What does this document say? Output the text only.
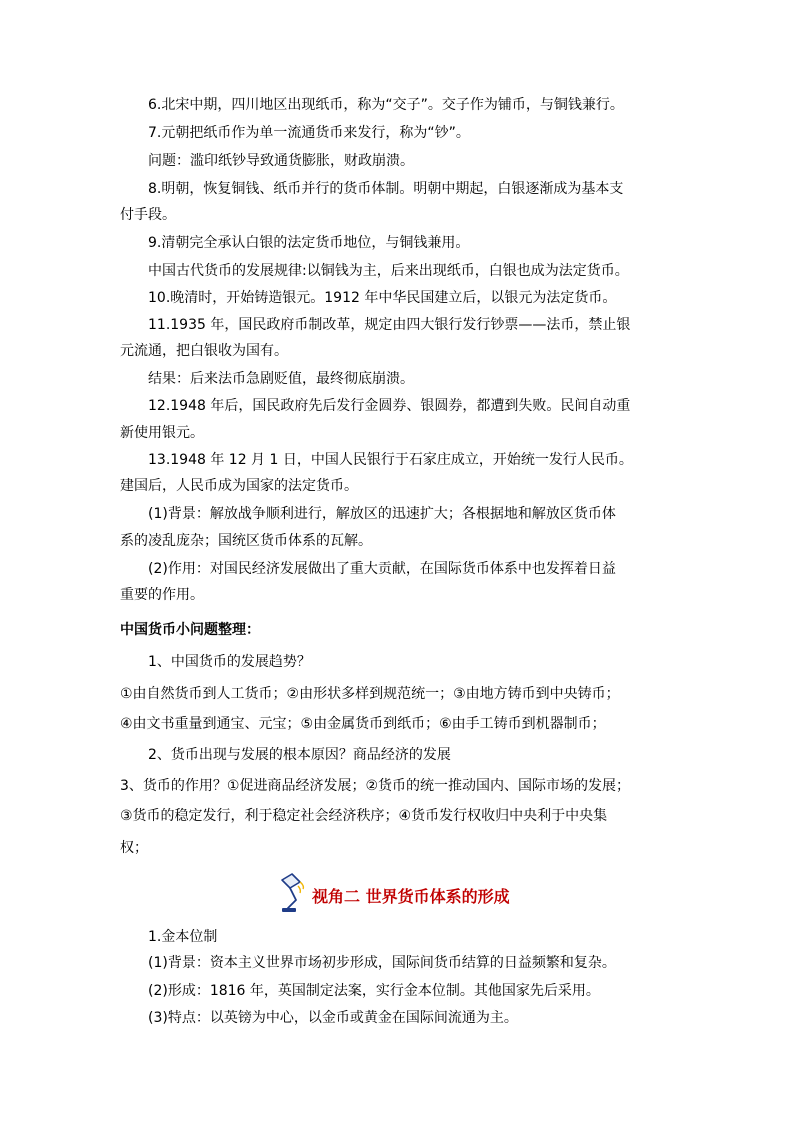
6.北宋中期，四川地区出现纸币，称为“交子”。交子作为铺币，与铜钱兼行。
7.元朝把纸币作为单一流通货币来发行，称为“钞”。
问题：滥印纸钞导致通货膨胀，财政崩溃。
8.明朝，恢复铜钱、纸币并行的货币体制。明朝中期起，白银逐渐成为基本支
付手段。
9.清朝完全承认白银的法定货币地位，与铜钱兼用。
中国古代货币的发展规律:以铜钱为主，后来出现纸币，白银也成为法定货币。
10.晚清时，开始铸造银元。1912 年中华民国建立后，以银元为法定货币。
11.1935 年，国民政府币制改革，规定由四大银行发行钞票——法币，禁止银
元流通，把白银收为国有。
结果：后来法币急剧贬值，最终彻底崩溃。
12.1948 年后，国民政府先后发行金圆券、银圆券，都遭到失败。民间自动重
新使用银元。
13.1948 年 12 月 1 日，中国人民银行于石家庄成立，开始统一发行人民币。
建国后，人民币成为国家的法定货币。
(1)背景：解放战争顺利进行，解放区的迅速扩大；各根据地和解放区货币体
系的凌乱庞杂；国统区货币体系的瓦解。
(2)作用：对国民经济发展做出了重大贡献，在国际货币体系中也发挥着日益
重要的作用。
中国货币小问题整理：
1、中国货币的发展趋势？
①由自然货币到人工货币；②由形状多样到规范统一；③由地方铸币到中央铸币；
④由文书重量到通宝、元宝；⑤由金属货币到纸币；⑥由手工铸币到机器制币；
2、货币出现与发展的根本原因？商品经济的发展
3、货币的作用？①促进商品经济发展；②货币的统一推动国内、国际市场的发展；
③货币的稳定发行，利于稳定社会经济秩序；④货币发行权收归中央利于中央集
权；
视角二 世界货币体系的形成
1.金本位制
(1)背景：资本主义世界市场初步形成，国际间货币结算的日益频繁和复杂。
(2)形成：1816 年，英国制定法案，实行金本位制。其他国家先后采用。
(3)特点：以英镑为中心，以金币或黄金在国际间流通为主。
